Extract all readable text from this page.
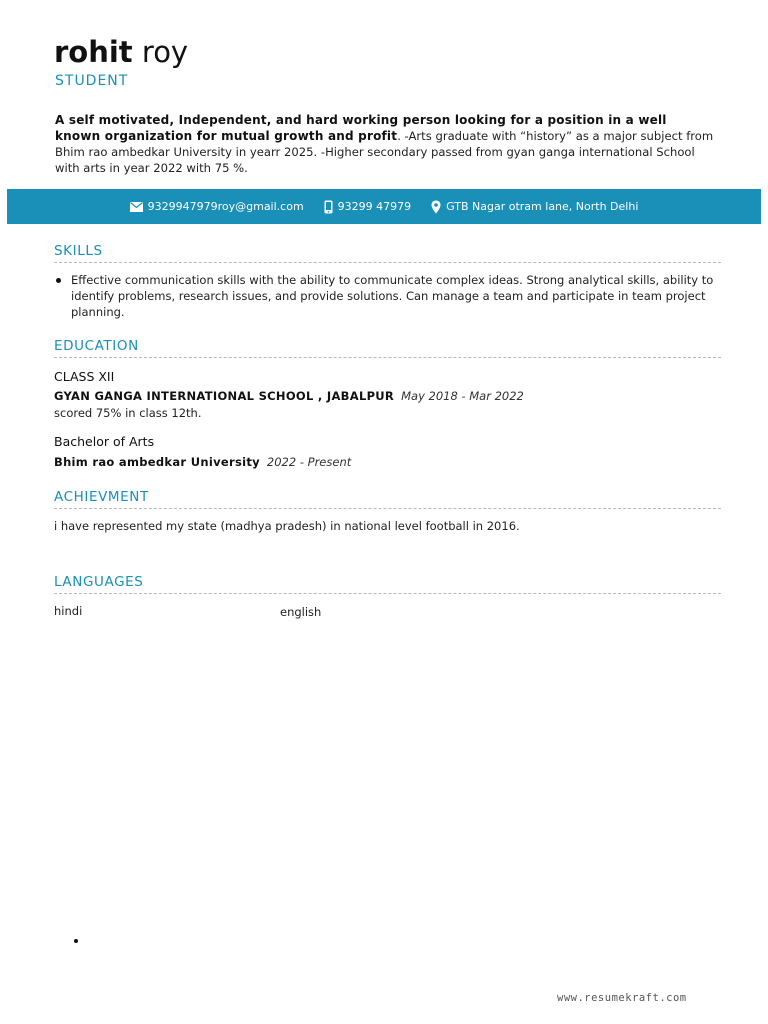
rohit roy
STUDENT
A self motivated, Independent, and hard working person looking for a position in a well known organization for mutual growth and profit. -Arts graduate with “history” as a major subject from Bhim rao ambedkar University in yearr 2025. -Higher secondary passed from gyan ganga international School with arts in year 2022 with 75 %.
9329947979roy@gmail.com	93299 47979	GTB Nagar otram lane, North Delhi
SKILLS
Effective communication skills with the ability to communicate complex ideas. Strong analytical skills, ability to identify problems, research issues, and provide solutions. Can manage a team and participate in team project planning.
EDUCATION
CLASS XII
GYAN GANGA INTERNATIONAL SCHOOL , JABALPUR May 2018 - Mar 2022
scored 75% in class 12th.
Bachelor of Arts
Bhim rao ambedkar University 2022 - Present
ACHIEVMENT
i have represented my state (madhya pradesh) in national level football in 2016.
LANGUAGES
hindi	english
www.resumekraft.com
